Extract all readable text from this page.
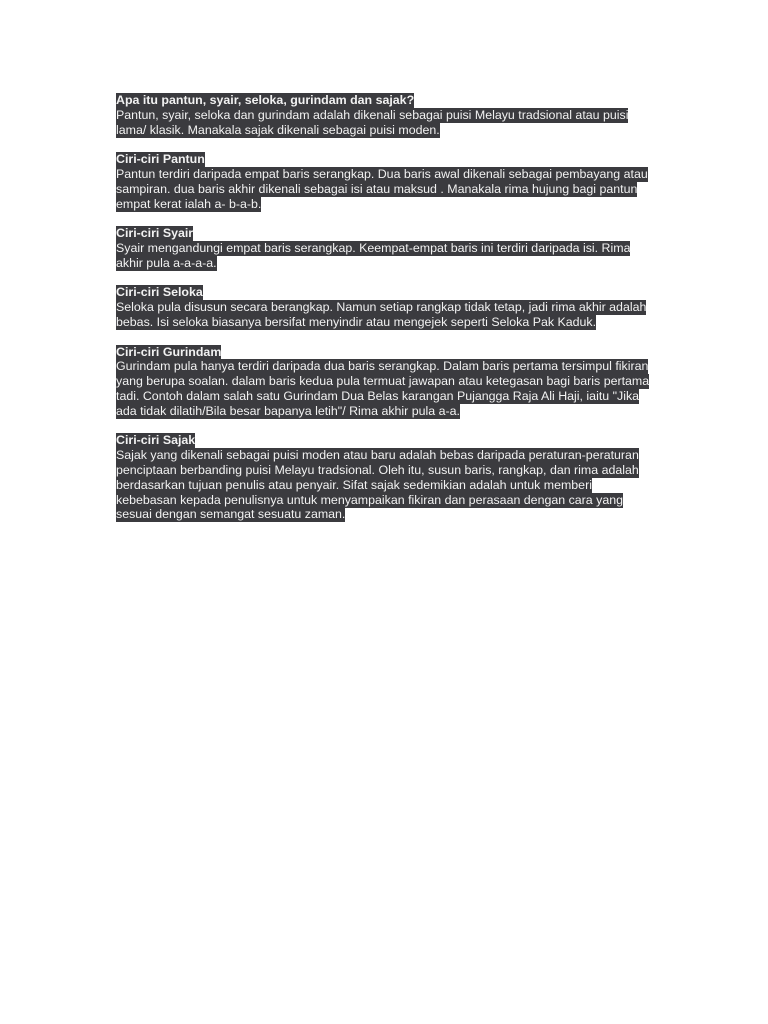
Apa itu pantun, syair, seloka, gurindam dan sajak?

Pantun, syair, seloka dan gurindam adalah dikenali sebagai puisi Melayu tradsional atau puisi lama/ klasik. Manakala sajak dikenali sebagai puisi moden.

Ciri-ciri Pantun

Pantun terdiri daripada empat baris serangkap. Dua baris awal dikenali sebagai pembayang atau sampiran. dua baris akhir dikenali sebagai isi atau maksud . Manakala rima hujung bagi pantun empat kerat ialah a- b-a-b.

Ciri-ciri Syair

Syair mengandungi empat baris serangkap. Keempat-empat baris ini terdiri daripada isi. Rima akhir pula a-a-a-a.

Ciri-ciri Seloka

Seloka pula disusun secara berangkap. Namun setiap rangkap tidak tetap, jadi rima akhir adalah bebas. Isi seloka biasanya bersifat menyindir atau mengejek seperti Seloka Pak Kaduk.

Ciri-ciri Gurindam

Gurindam pula hanya terdiri daripada dua baris serangkap. Dalam baris pertama tersimpul fikiran yang berupa soalan. dalam baris kedua pula termuat jawapan atau ketegasan bagi baris pertama tadi. Contoh dalam salah satu Gurindam Dua Belas karangan Pujangga Raja Ali Haji, iaitu "Jika ada tidak dilatih/Bila besar bapanya letih"/ Rima akhir pula a-a.

Ciri-ciri Sajak

Sajak yang dikenali sebagai puisi moden atau baru adalah bebas daripada peraturan-peraturan penciptaan berbanding puisi Melayu tradsional. Oleh itu, susun baris, rangkap, dan rima adalah berdasarkan tujuan penulis atau penyair. Sifat sajak sedemikian adalah untuk memberi kebebasan kepada penulisnya untuk menyampaikan fikiran dan perasaan dengan cara yang sesuai dengan semangat sesuatu zaman.
